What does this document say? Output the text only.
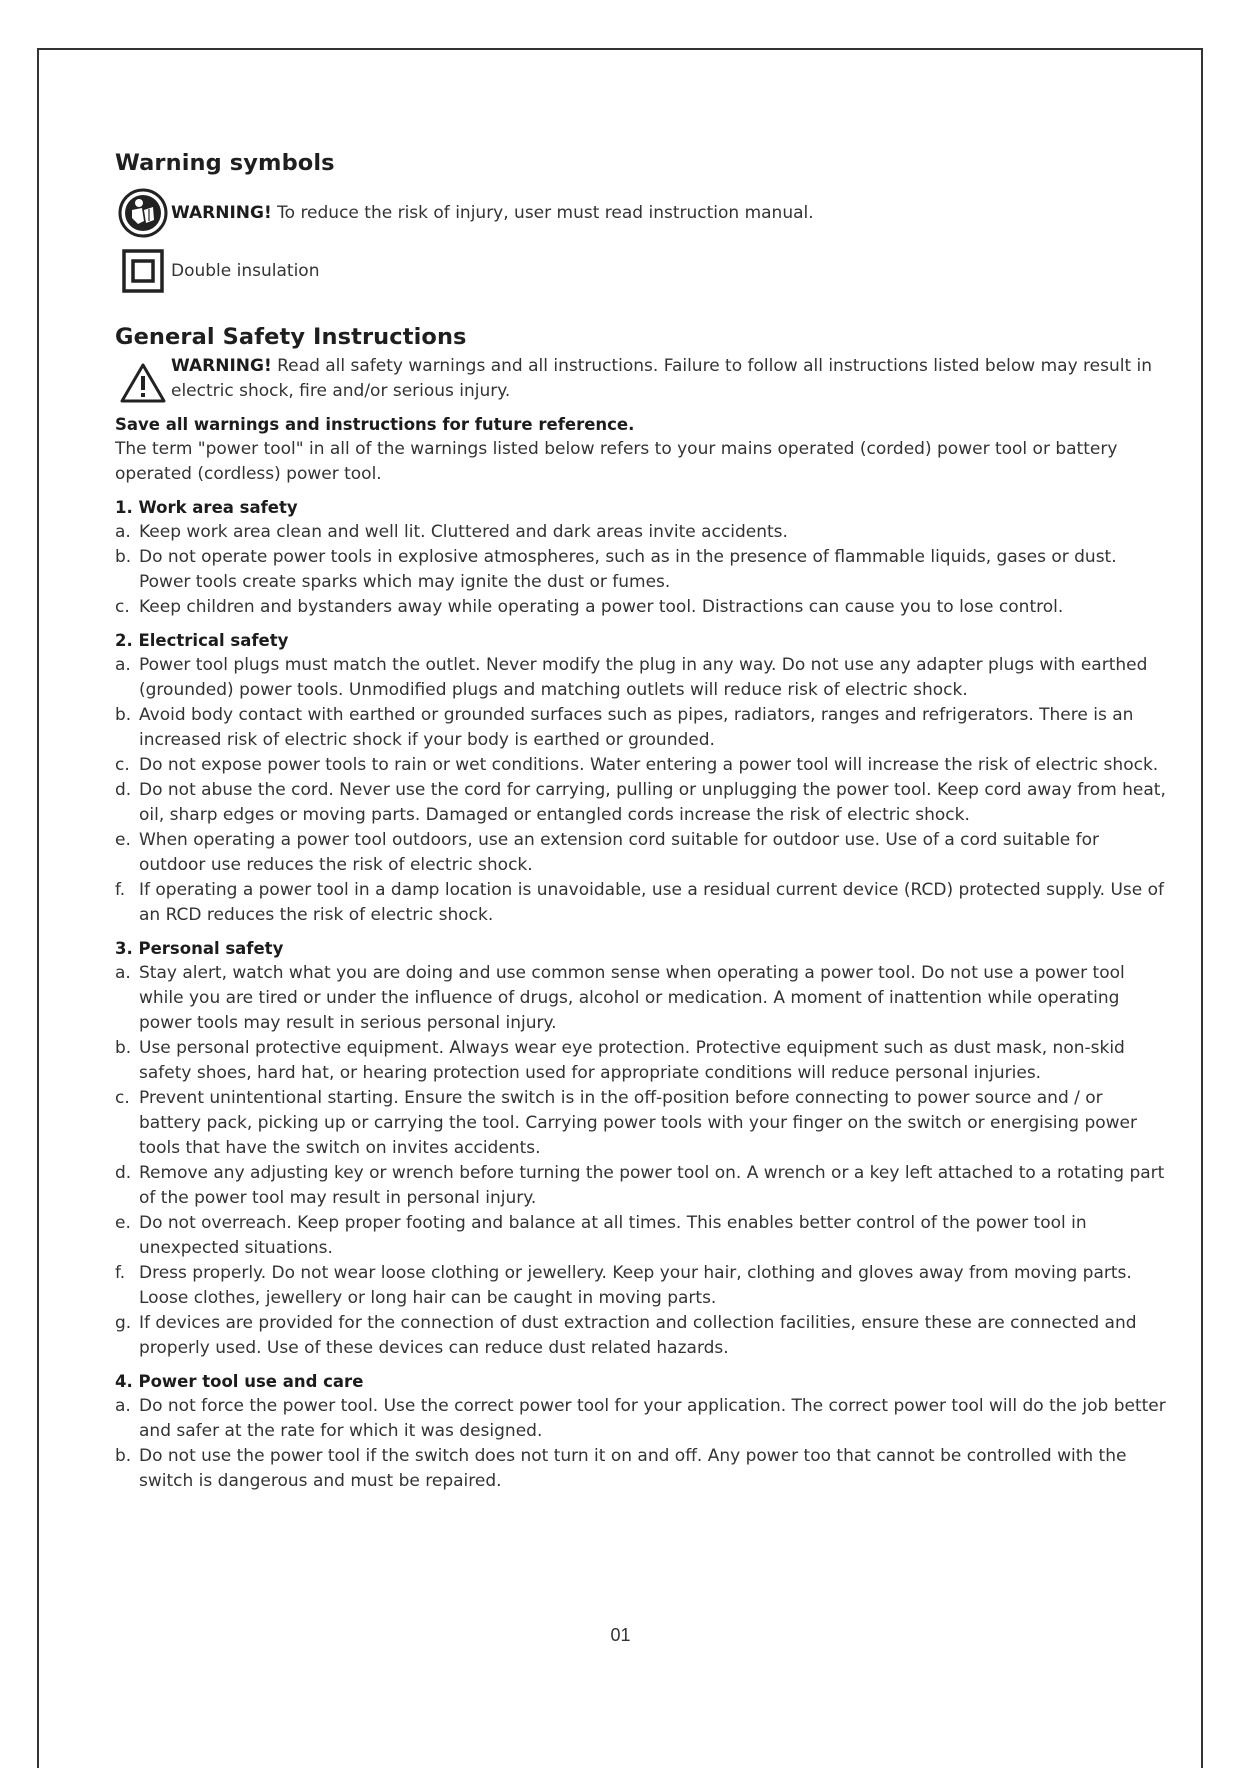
Warning symbols
WARNING! To reduce the risk of injury, user must read instruction manual.
Double insulation
General Safety Instructions
WARNING! Read all safety warnings and all instructions. Failure to follow all instructions listed below may result in electric shock, fire and/or serious injury.
Save all warnings and instructions for future reference.

The term "power tool" in all of the warnings listed below refers to your mains operated (corded) power tool or battery operated (cordless) power tool.

1. Work area safety
a. Keep work area clean and well lit. Cluttered and dark areas invite accidents.
b. Do not operate power tools in explosive atmospheres, such as in the presence of flammable liquids, gases or dust. Power tools create sparks which may ignite the dust or fumes.
c. Keep children and bystanders away while operating a power tool. Distractions can cause you to lose control.
2. Electrical safety
a. Power tool plugs must match the outlet. Never modify the plug in any way. Do not use any adapter plugs with earthed (grounded) power tools. Unmodified plugs and matching outlets will reduce risk of electric shock.
b. Avoid body contact with earthed or grounded surfaces such as pipes, radiators, ranges and refrigerators. There is an increased risk of electric shock if your body is earthed or grounded.
c. Do not expose power tools to rain or wet conditions. Water entering a power tool will increase the risk of electric shock.
d. Do not abuse the cord. Never use the cord for carrying, pulling or unplugging the power tool. Keep cord away from heat, oil, sharp edges or moving parts. Damaged or entangled cords increase the risk of electric shock.
e. When operating a power tool outdoors, use an extension cord suitable for outdoor use. Use of a cord suitable for outdoor use reduces the risk of electric shock.
f. If operating a power tool in a damp location is unavoidable, use a residual current device (RCD) protected supply. Use of an RCD reduces the risk of electric shock.
3. Personal safety
a. Stay alert, watch what you are doing and use common sense when operating a power tool. Do not use a power tool while you are tired or under the influence of drugs, alcohol or medication. A moment of inattention while operating power tools may result in serious personal injury.
b. Use personal protective equipment. Always wear eye protection. Protective equipment such as dust mask, non-skid safety shoes, hard hat, or hearing protection used for appropriate conditions will reduce personal injuries.
c. Prevent unintentional starting. Ensure the switch is in the off-position before connecting to power source and / or battery pack, picking up or carrying the tool. Carrying power tools with your finger on the switch or energising power tools that have the switch on invites accidents.
d. Remove any adjusting key or wrench before turning the power tool on. A wrench or a key left attached to a rotating part of the power tool may result in personal injury.
e. Do not overreach. Keep proper footing and balance at all times. This enables better control of the power tool in unexpected situations.
f. Dress properly. Do not wear loose clothing or jewellery. Keep your hair, clothing and gloves away from moving parts. Loose clothes, jewellery or long hair can be caught in moving parts.
g. If devices are provided for the connection of dust extraction and collection facilities, ensure these are connected and properly used. Use of these devices can reduce dust related hazards.
4. Power tool use and care
a. Do not force the power tool. Use the correct power tool for your application. The correct power tool will do the job better and safer at the rate for which it was designed.
b. Do not use the power tool if the switch does not turn it on and off. Any power too that cannot be controlled with the switch is dangerous and must be repaired.
01
